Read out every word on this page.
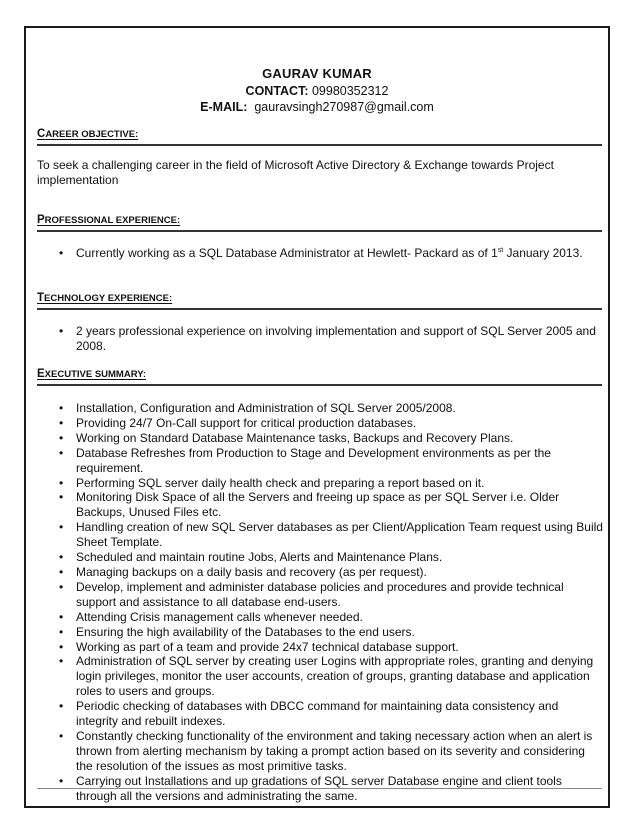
GAURAV KUMAR
CONTACT: 09980352312
E-MAIL:  gauravsingh270987@gmail.com
CAREER OBJECTIVE:
To seek a challenging career in the field of Microsoft Active Directory & Exchange towards Project implementation
PROFESSIONAL EXPERIENCE:
• Currently working as a SQL Database Administrator at Hewlett- Packard as of 1st January 2013.
TECHNOLOGY EXPERIENCE:
• 2 years professional experience on involving implementation and support of SQL Server 2005 and 2008.
EXECUTIVE SUMMARY:
• Installation, Configuration and Administration of SQL Server 2005/2008.
• Providing 24/7 On-Call support for critical production databases.
• Working on Standard Database Maintenance tasks, Backups and Recovery Plans.
• Database Refreshes from Production to Stage and Development environments as per the requirement.
• Performing SQL server daily health check and preparing a report based on it.
• Monitoring Disk Space of all the Servers and freeing up space as per SQL Server i.e. Older Backups, Unused Files etc.
• Handling creation of new SQL Server databases as per Client/Application Team request using Build Sheet Template.
• Scheduled and maintain routine Jobs, Alerts and Maintenance Plans.
• Managing backups on a daily basis and recovery (as per request).
• Develop, implement and administer database policies and procedures and provide technical support and assistance to all database end-users.
• Attending Crisis management calls whenever needed.
• Ensuring the high availability of the Databases to the end users.
• Working as part of a team and provide 24x7 technical database support.
• Administration of SQL server by creating user Logins with appropriate roles, granting and denying login privileges, monitor the user accounts, creation of groups, granting database and application roles to users and groups.
• Periodic checking of databases with DBCC command for maintaining data consistency and integrity and rebuilt indexes.
• Constantly checking functionality of the environment and taking necessary action when an alert is thrown from alerting mechanism by taking a prompt action based on its severity and considering the resolution of the issues as most primitive tasks.
• Carrying out Installations and up gradations of SQL server Database engine and client tools through all the versions and administrating the same.
